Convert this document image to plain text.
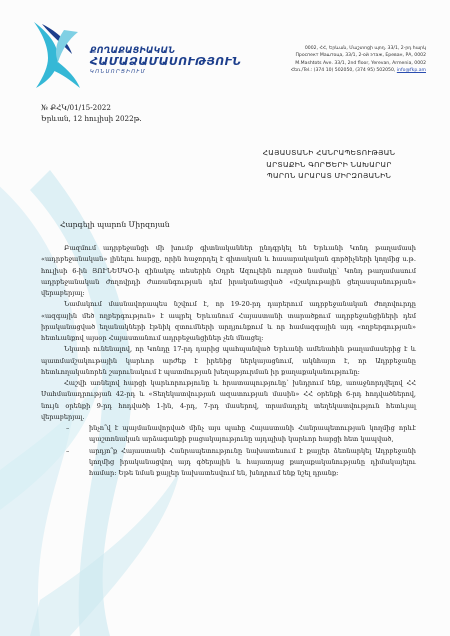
ՔՈՂԱՔԱՑԻԱԿԱՆ
ՀԱՄԱՁԱՄԱՍՈՒԹՅՈՒՆ
ԿՈՆՍՈՐՑԻՈՒՄ
0002, ՀՀ, Երևան, Մաշտոցի պող. 33/1, 2-րդ հարկ
Проспект Маштоца, 33/1, 2-ой этаж, Ереван, РА, 0002
M.Mashtots Ave. 33/1, 2nd floor, Yerevan, Armenia, 0002
Հեռ./Tel.: (374 10) 502050, (374 95) 502050, info@fkp.am
№ ՔՀԿ/01/15-2022
Երևան, 12 հուլիսի 2022թ.
ՀԱՅԱՍՏԱՆԻ ՀԱՆՐԱՊԵՏՈՒԹՅԱՆ
ԱՐՏԱՔԻՆ ԳՈՐԾԵՐԻ ՆԱԽԱՐԱՐ
ՊԱՐՈՆ ԱՐԱՐԱՏ ՄԻՐԶՈՅԱՆԻՆ
Հարգելի պարոն Միրզոյան

Բազմում ադրբեջանցի մի խումբ գիտնականներ ընդգրկել են Երևանի Կոնդ թաղամասի «ադրբեջանական» լինելու հարցը, որին հաջորդել է գիտական և հասարակական գործիչների կողմից ս.թ. հուլիսի 6-ին ՅՈՒՆԵՍԿՕ-ի զինակոչ տեսերին Օդրե Ազուլեին ուղղած նամակը՝ Կոնդ թաղամասում ադրբեջանական ժողովրդի ժառանգության դեմ իրականացված «մշակութային ցեղասպանության» վերաբերյալ:

Նամակում մասնավորապես նշվում է, որ 19-20-րդ դարերում ադրբեջանական ժողովուրդը «ազգային մեծ ողբերգություն» է ապրել Երևանում Հայաստանի տարածքում ադրբեջանցիների դեմ իրականացված եղանակների էթնիկ զտումների արդյունքում և որ համազգային այդ «ողբերգության» հետևանքով այսօր Հայաստանում ադրբեջանցիներ չեն մնացել:

Նկատի ունենալով, որ Կոնդը 17-րդ դարից պահպանված Երևանի ամենահին թաղամասերից է և պատմամշակութային կարևոր արժեք է իրենից ներկայացնում, ակնհայտ է, որ Ադրբեջանը հետևողականորեն շարունակում է պատմության խեղաթյուրման իր քաղաքականությունը:

Հաշվի առնելով հարցի կարևորությունը և հրատապությունը՝ խնդրում ենք, առաջնորդվելով ՀՀ Սահմանադրության 42-րդ և «Տեղեկատվության ազատության մասին» ՀՀ օրենքի 6-րդ հոդվածներով, նույն օրենքի 9-րդ հոդվածի 1-ին, 4-րդ, 7-րդ մասերով, տրամադրել տեղեկատվություն հետևյալ վերաբերյալ.

–	ինչո՞վ է պայմանավորված մինչ այս պահը Հայաստանի Հանրապետության կողմից որևէ պաշտոնական արձագանքի բացակայությունը այդպիսի կարևոր հարցի հետ կապված,
–	արդյո՞ք Հայաստանի Հանրապետությունը նախատեսում է քայլեր ձեռնարկել Ադրբեջանի կողմից իրականացվող այդ գծերային և հայատյաց քաղաքականությանը դիմակայելու համար: Եթե նման քայլեր նախատեսվում են, խնդրում ենք նշել դրանք:
